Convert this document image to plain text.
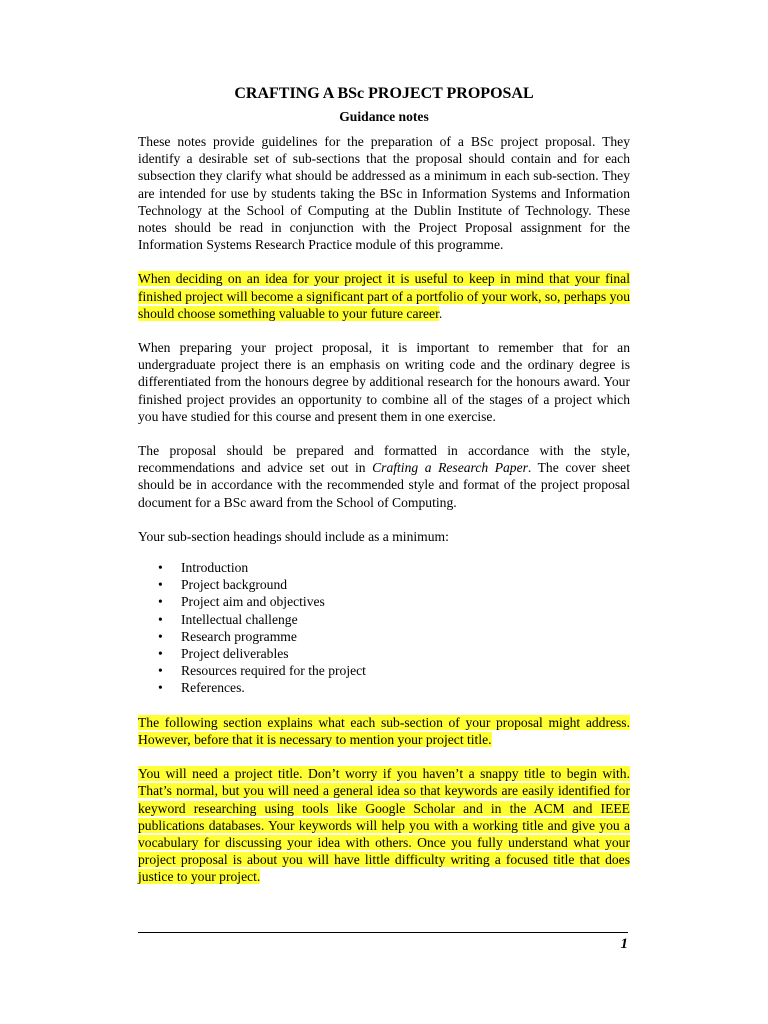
CRAFTING A BSc PROJECT PROPOSAL
Guidance notes

These notes provide guidelines for the preparation of a BSc project proposal. They identify a desirable set of sub-sections that the proposal should contain and for each subsection they clarify what should be addressed as a minimum in each sub-section. They are intended for use by students taking the BSc in Information Systems and Information Technology at the School of Computing at the Dublin Institute of Technology. These notes should be read in conjunction with the Project Proposal assignment for the Information Systems Research Practice module of this programme.

When deciding on an idea for your project it is useful to keep in mind that your final finished project will become a significant part of a portfolio of your work, so, perhaps you should choose something valuable to your future career.

When preparing your project proposal, it is important to remember that for an undergraduate project there is an emphasis on writing code and the ordinary degree is differentiated from the honours degree by additional research for the honours award. Your finished project provides an opportunity to combine all of the stages of a project which you have studied for this course and present them in one exercise.

The proposal should be prepared and formatted in accordance with the style, recommendations and advice set out in Crafting a Research Paper. The cover sheet should be in accordance with the recommended style and format of the project proposal document for a BSc award from the School of Computing.

Your sub-section headings should include as a minimum:

• Introduction
• Project background
• Project aim and objectives
• Intellectual challenge
• Research programme
• Project deliverables
• Resources required for the project
• References.

The following section explains what each sub-section of your proposal might address. However, before that it is necessary to mention your project title.

You will need a project title. Don’t worry if you haven’t a snappy title to begin with. That’s normal, but you will need a general idea so that keywords are easily identified for keyword researching using tools like Google Scholar and in the ACM and IEEE publications databases. Your keywords will help you with a working title and give you a vocabulary for discussing your idea with others. Once you fully understand what your project proposal is about you will have little difficulty writing a focused title that does justice to your project.

1
